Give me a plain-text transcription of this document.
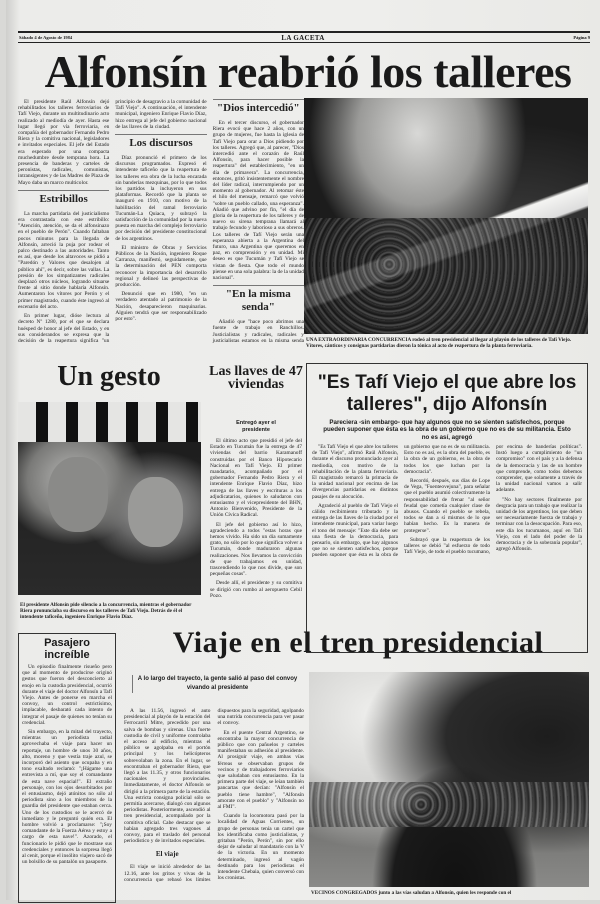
Sábado 4 de Agosto de 1984	LA GACETA	Página 9
Alfonsín reabrió los talleres

El presidente Raúl Alfonsín dejó rehabilitados los talleres ferroviarios de Tafí Viejo, durante un multitudinario acto realizado al mediodía de ayer. Hasta ese lugar llegó por vía ferroviaria, en compañía del gobernador Fernando Pedro Riera y la comitiva nacional, legisladores e invitados especiales. El jefe del Estado era esperado por una compacta muchedumbre desde temprana hora. La presencia de banderas y carteles de peronistas, radicales, comunistas, intransigentes y de las Madres de Plaza de Mayo daba un marco multicolor.

Estribillos

La marcha partidaria del justicialismo era contrastada con este estribillo: "Atención, atención, se da el alfonsinazo en el pueblo de Perón". Cuando faltaban pocos minutos para la llegada de Alfonsín, arreció la puja por rodear el palco destinado a las autoridades. Tanto es así, que desde los altavoces se pidió a "Paredón y Valores que desalojen al público ahí", es decir, sobre las vallas. La presión de los simpatizantes radicales desplazó otros núcleos, logrando situarse frente al sitio donde hablaría Alfonsín. Aumentaron los vítores por Perón y el primer magistrado, cuando éste ingresó al escenario del acto.

En primer lugar, dióse lectura al decreto Nº 1280, por el que se declara huésped de honor al jefe del Estado, y en sus considerandos se expresa que la decisión de la reapertura significa "un principio de desagravio a la comunidad de Tafí Viejo". A continuación, el intendente municipal, ingeniero Enrique Flavio Díaz, hizo entrega al jefe del gobierno nacional de las llaves de la ciudad.

Los discursos

Díaz pronunció el primero de los discursos programados. Expresó el intendente taficeño que la reapertura de los talleres era obra de la lucha encarada sin banderías mezquinas, por lo que todos los partidos la incluyeron en sus plataformas. Recordó que la planta se inauguró en 1910, con motivo de la habilitación del ramal ferroviario Tucumán-La Quiaca, y subrayó la satisfacción de la comunidad por la nueva puesta en marcha del complejo ferroviario por decisión del presidente constitucional de los argentinos.

El ministro de Obras y Servicios Públicos de la Nación, ingeniero Roque Carranza, manifestó, seguidamente, que la determinación del PEN comporta reconocer la importancia del desarrollo regional y delineó las perspectivas de producción.

Denunció que en 1980, "en un verdadero atentado al patrimonio de la Nación, desaparecieron maquinarias. Alguien tendrá que ser responsabilizado por esto".

"Dios intercedió"

En el tercer discurso, el gobernador Riera evocó que hace 2 años, con un grupo de mujeres, fue hasta la iglesia de Tafí Viejo para orar a Dios pidiendo por los talleres. Agregó que, al parecer, "Dios intercedió ante el corazón de Raúl Alfonsín, para hacer posible la reapertura" del establecimiento, "en un día de primavera". La concurrencia, entonces, gritó insistentemente el nombre del líder radical, interrumpiendo por un momento al gobernador. Al retomar éste el hilo del mensaje, remarcó que volvió "sobre un pueblo callado, una esperanza". Añadió que advino por fin, "el día de gloria de la reapertura de los talleres y de nuevo su sirena temprana llamará al trabajo fecundo y laborioso a sus obreros. Los talleres de Tafí Viejo serán una esperanza abierta a la Argentina del futuro, una Argentina que queremos en paz, en comprensión y en unidad. Mi deseo es que Tucumán y Tafí Viejo se vistan de fiesta. Que todo el mundo piense en una sola palabra: la de la unidad nacional".

"En la misma senda"

Añadió que "hace poco abrimos una fuente de trabajo en Ranchillos. Justicialistas y radicales, radicales y justicialistas estamos en la misma senda UNA EXTRAORDINARIA CONCURRENCIA rodeó al tren presidencial al llegar al playón de los talleres de Tafí Viejo. Vítores, cánticos y consignas partidarias dieron la tónica al acto de reapertura de la planta ferroviaria.
Un gesto
El presidente Alfonsín pide silencio a la concurrencia, mientras el gobernador Riera pronunciaba su discurso en los talleres de Tafí Viejo. Detrás de él el intendente taficeño, ingeniero Enrique Flavio Díaz.
Las llaves de 47 viviendas
Entregó ayer el presidente

El último acto que presidió el jefe del Estado en Tucumán fue la entrega de 47 viviendas del barrio Karamanoff construidas por el Banco Hipotecario Nacional en Tafí Viejo. El primer mandatario, acompañado por el gobernador Fernando Pedro Riera y el intendente Enrique Flavio Díaz, hizo entrega de las llaves y escrituras a los adjudicatarios, quienes lo saludaron con entusiasmo y el vicepresidente del BHN, Antonio Bienvenido, Presidente de la Unión Cívica Radical.

El jefe del gobierno así lo hizo, agradeciendo a todos "estas horas que hemos vivido. Ha sido un día sumamente grato, no sólo por lo que significa volver a Tucumán, donde maduraron algunas realizaciones. Nos llevamos la convicción de que trabajamos en unidad, trascendiendo lo que nos divide, que son pequeñas cosas".

Desde allí, el presidente y su comitiva se dirigió con rumbo al aeropuerto Cebil Pozo.

"Es Tafí Viejo el que abre los talleres", dijo Alfonsín
Pareciera -sin embargo- que hay algunos que no se sienten satisfechos, porque pueden suponer que ésta es la obra de un gobierno que no es de su militancia. Esto no es así, agregó

"Es Tafí Viejo el que abre los talleres de Tafí Viejo", afirmó Raúl Alfonsín, durante el discurso pronunciado ayer al mediodía, con motivo de la rehabilitación de la planta ferroviaria. El magistrado remarcó la primacía de la unidad nacional por encima de las divergencias partidarias en distintos pasajes de su alocución.

Agradeció al pueblo de Tafí Viejo el cálido recibimiento tributado y la entrega de las llaves de la ciudad por el intendente municipal, para variar luego el tono del mensaje: "Este día debe ser una fiesta de la democracia, para pensarlo, sin embargo, que hay algunos que no se sienten satisfechos, porque pueden suponer que ésta es la obra de un gobierno que no es de su militancia. Esto no es así, es la obra del pueblo, es la obra de un gobierno, es la obra de todos los que luchan por la democracia".

Recordó, después, sus días de Lope de Vega, "Fuenteovejuna", para señalar que el pueblo asumió colectivamente la responsabilidad de frenar "al señor feudal que cometía cualquier clase de abusos. Cuando el pueblo se rebela, todos se dan a sí mismos de lo que habían hecho. Es la manera de protegerse".

Subrayó que la reapertura de los talleres se debió "al esfuerzo de todo Tafí Viejo, de todo el pueblo tucumano, por encima de banderías políticas". Instó luego a cumplimiento de "un compromiso" con el país y a la defensa de la democracia y las de un hombre que comprende, como todos debemos comprender, que solamente a través de la unidad nacional vamos a salir adelante.

"No hay sectores finalmente por desgracia para un trabajo que realizar la unidad de los argentinos, los que deben ser necesariamente fuerza de trabajo y terminar con la desocupación. Para eso, este día los tucumanos, aquí en Tafí Viejo, con el lado del poder de la democracia y de la soberanía popular", agregó Alfonsín.

Pasajero increíble

Un episodio finalmente risueño pero que al momento de producirse originó gestos que fueron del desconcierto al enojo en la custodia presidencial, ocurrió durante el viaje del doctor Alfonsín a Tafí Viejo. Antes de ponerse en marcha el convoy, un control estrictísimo, implacable, desbarató cada intento de integrar el pasaje de quienes no tenían su credencial.

Sin embargo, en la mitad del trayecto, mientras un periodista radial aprovechaba el viaje para hacer un reportaje, un hombre de unos 30 años, alto, moreno y que vestía traje azul, se incorporó del asiento que ocupaba y en tono exaltado reclamó: "¡Hágame una entrevista a mí, que soy el comandante de esta nave espacial!". El extraño personaje, con los ojos desorbitados por el entusiasmo, dejó atónitos no sólo al periodista sino a los miembros de la guardia del presidente que estaban cerca. Uno de los custodios se le acercó de inmediato y le preguntó quién era. El hombre volvió a proclamarse: "¡Soy comandante de la Fuerza Aérea y estoy a cargo de esta nave!". Azorado, el funcionario le pidió que le mostrase sus credenciales y entonces la sorpresa llegó al cenit, porque el insólito viajero sacó de un bolsillo de su pantalón un pasaporte.

Viaje en el tren presidencial
A lo largo del trayecto, la gente salió al paso del convoy vivando al presidente

A las 11.56, ingresó el auto presidencial al playón de la estación del Ferrocarril Mitre, precedido por una salva de bombas y sirenas. Una fuerte custodia de civil y uniforme controlaba el acceso al edificio, mientras el público se agolpaba en el portón principal y los helicópteros sobrevolaban la zona. En el lugar, se encontraban el gobernador Riera, que llegó a las 11.35, y otros funcionarios nacionales y provinciales. Inmediatamente, el doctor Alfonsín se dirigió a la primera parte de la estación. Una estricta consigna policial sólo se permitía acercarse, dialogó con algunos periodistas. Posteriormente, ascendió al tren presidencial, acompañado por la comitiva oficial. Cabe destacar que se habían agregado tres vagones al convoy, para el traslado del personal periodístico y de invitados especiales.

El viaje

El viaje se inició alrededor de las 12.16, ante los gritos y vivas de la concurrencia que rebasó los límites dispuestos para la seguridad, agolpando una nutrida concurrencia para ver pasar el convoy.

En el puente Central Argentino, se encontraba la mayor concurrencia de público que con pañuelos y carteles manifestaban su adhesión al presidente. Al prosiguir viaje, en ambas vías férreas se observaban grupos de vecinos y de trabajadores ferroviarios que saludaban con entusiasmo. En la primera parte del viaje, se leían también pancartas que decían: "Alfonsín el pueblo tiene hambre", "Alfonsín amorate con el pueblo" y "Alfonsín no al FMI".

Cuando la locomotora pasó por la localidad de Aguas Corrientes, un grupo de personas tenía un cartel que los identificaba como justicialistas, y gritaban "Perón, Perón", sin por ello dejar de saludar al mandatario con la V de la victoria. En un momento determinado, ingresó al vagón destinado para los periodistas el intendente Chebaia, quien conversó con los cronistas.

VECINOS CONGREGADOS junto a las vías saludan a Alfonsín, quien les responde con el
